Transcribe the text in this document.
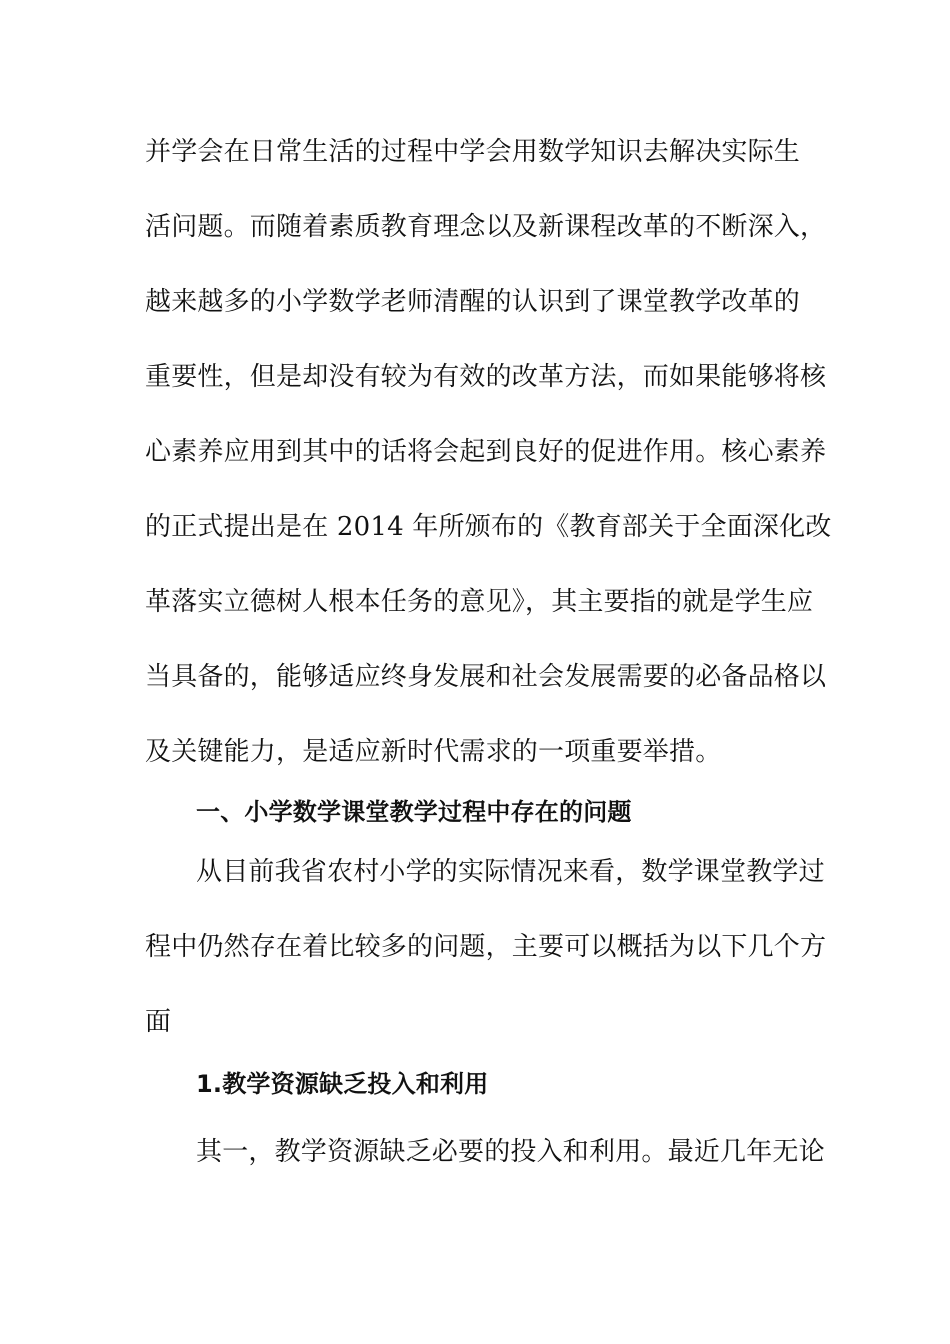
并学会在日常生活的过程中学会用数学知识去解决实际生
活问题。而随着素质教育理念以及新课程改革的不断深入，
越来越多的小学数学老师清醒的认识到了课堂教学改革的
重要性，但是却没有较为有效的改革方法，而如果能够将核
心素养应用到其中的话将会起到良好的促进作用。核心素养
的正式提出是在 2014 年所颁布的《教育部关于全面深化改
革落实立德树人根本任务的意见》，其主要指的就是学生应
当具备的，能够适应终身发展和社会发展需要的必备品格以
及关键能力，是适应新时代需求的一项重要举措。
一、小学数学课堂教学过程中存在的问题
从目前我省农村小学的实际情况来看，数学课堂教学过
程中仍然存在着比较多的问题，主要可以概括为以下几个方
面
1.教学资源缺乏投入和利用
其一，教学资源缺乏必要的投入和利用。最近几年无论
